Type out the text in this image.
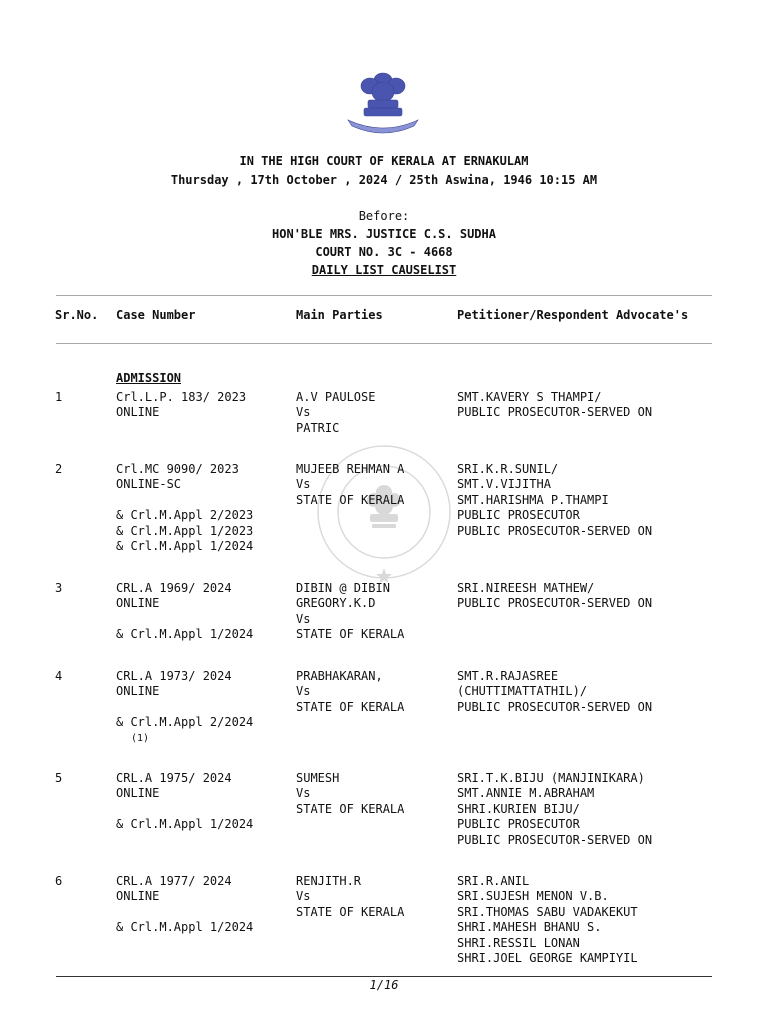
IN THE HIGH COURT OF KERALA AT ERNAKULAM
Thursday , 17th October , 2024 / 25th Aswina, 1946 10:15 AM
Before:
HON'BLE MRS. JUSTICE C.S. SUDHA
COURT NO. 3C - 4668
DAILY LIST CAUSELIST
Sr.No. Case Number	Main Parties	Petitioner/Respondent Advocate's
ADMISSION
Crl.L.P. 183/ 2023
ONLINE
A.V PAULOSE
Vs
PATRIC
SMT.KAVERY S THAMPI/
PUBLIC PROSECUTOR-SERVED ON
1
Crl.MC 9090/ 2023
ONLINE-SC

& Crl.M.Appl 2/2023
& Crl.M.Appl 1/2023
& Crl.M.Appl 1/2024
MUJEEB REHMAN A
Vs
STATE OF KERALA
SRI.K.R.SUNIL/
SMT.V.VIJITHA
SMT.HARISHMA P.THAMPI
PUBLIC PROSECUTOR
PUBLIC PROSECUTOR-SERVED ON
2
CRL.A 1969/ 2024
ONLINE

& Crl.M.Appl 1/2024
DIBIN @ DIBIN
GREGORY.K.D
Vs
STATE OF KERALA
SRI.NIREESH MATHEW/
PUBLIC PROSECUTOR-SERVED ON
3
CRL.A 1973/ 2024
ONLINE

& Crl.M.Appl 2/2024
PRABHAKARAN,
Vs
STATE OF KERALA
SMT.R.RAJASREE
(CHUTTIMATTATHIL)/
PUBLIC PROSECUTOR-SERVED ON
(1)
4
CRL.A 1975/ 2024
ONLINE

& Crl.M.Appl 1/2024
SUMESH
Vs
STATE OF KERALA
SRI.T.K.BIJU (MANJINIKARA)
SMT.ANNIE M.ABRAHAM
SHRI.KURIEN BIJU/
PUBLIC PROSECUTOR
PUBLIC PROSECUTOR-SERVED ON
5
CRL.A 1977/ 2024
ONLINE

& Crl.M.Appl 1/2024
RENJITH.R
Vs
STATE OF KERALA
SRI.R.ANIL
SRI.SUJESH MENON V.B.
SRI.THOMAS SABU VADAKEKUT
SHRI.MAHESH BHANU S.
SHRI.RESSIL LONAN
SHRI.JOEL GEORGE KAMPIYIL
6
1/16
